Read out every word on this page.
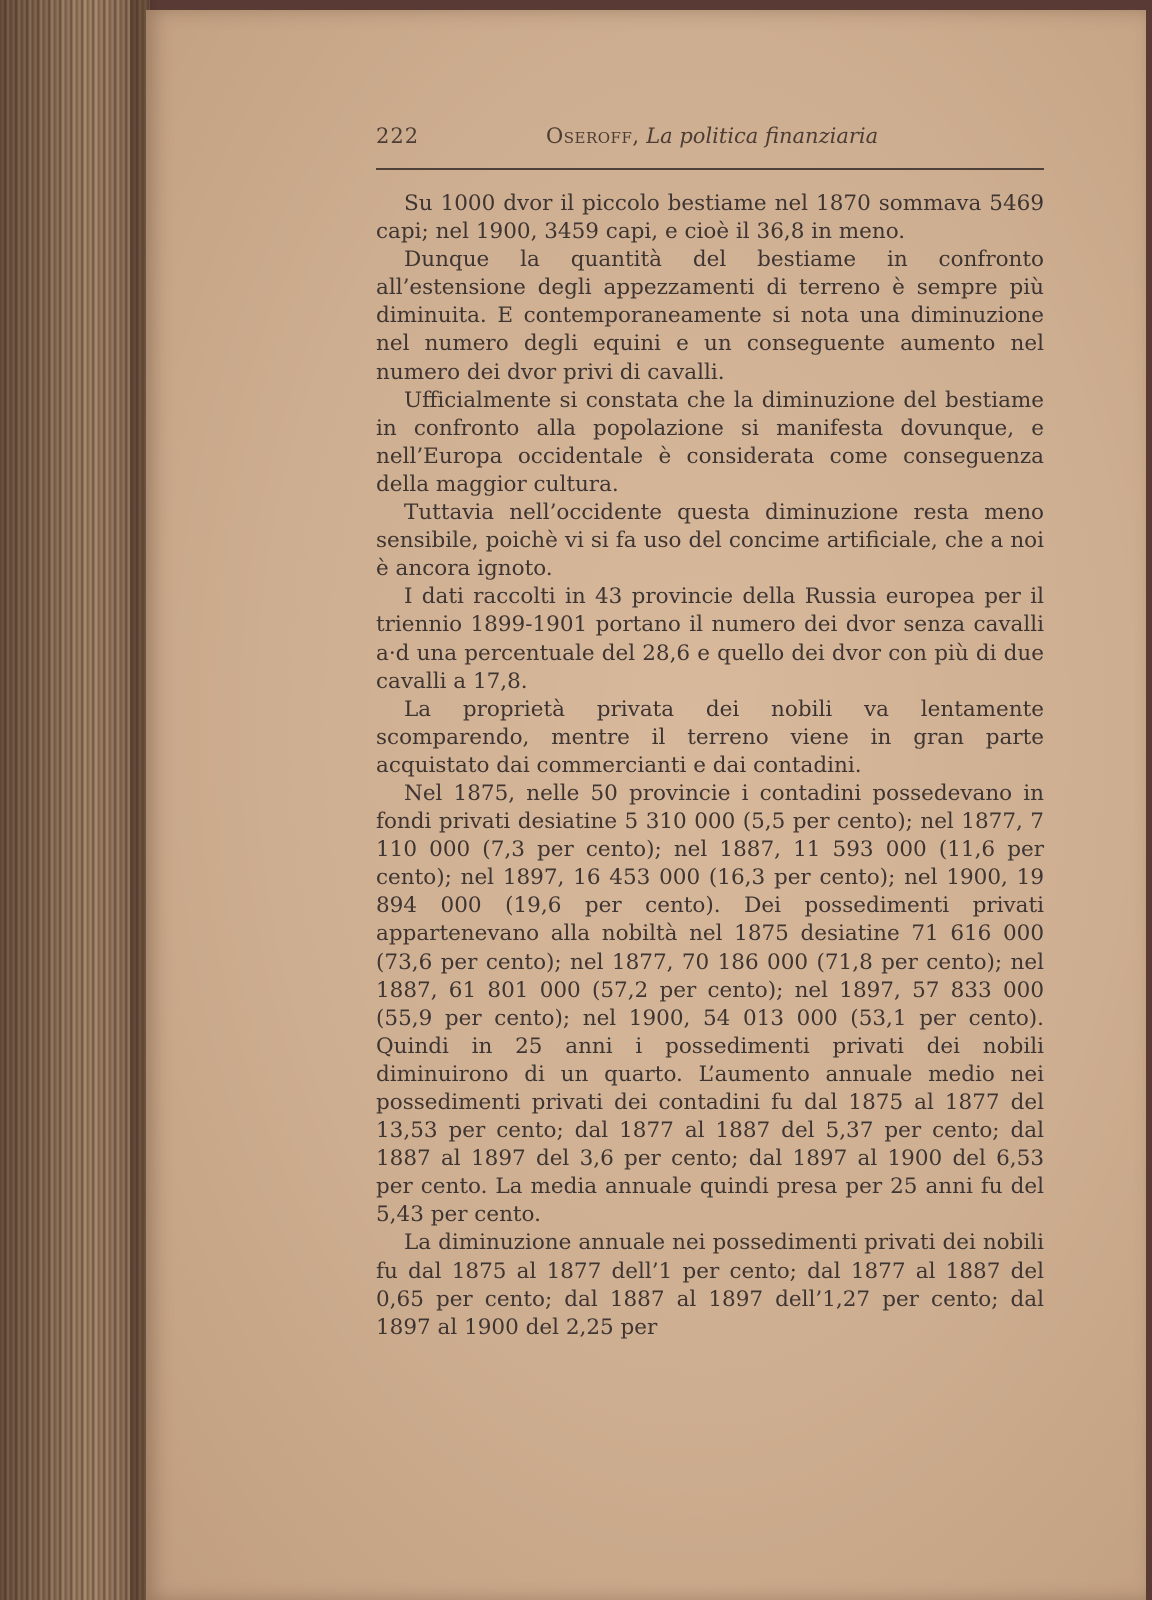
222	Oseroff, La politica finanziaria

Su 1000 dvor il piccolo bestiame nel 1870 sommava 5469 capi; nel 1900, 3459 capi, e cioè il 36,8 in meno.

Dunque la quantità del bestiame in confronto all’estensione degli appezzamenti di terreno è sempre più diminuita. E contemporaneamente si nota una diminuzione nel numero degli equini e un conseguente aumento nel numero dei dvor privi di cavalli.

Ufficialmente si constata che la diminuzione del bestiame in confronto alla popolazione si manifesta dovunque, e nell’Europa occidentale è considerata come conseguenza della maggior cultura.

Tuttavia nell’occidente questa diminuzione resta meno sensibile, poichè vi si fa uso del concime artificiale, che a noi è ancora ignoto.

I dati raccolti in 43 provincie della Russia europea per il triennio 1899-1901 portano il numero dei dvor senza cavalli a·d una percentuale del 28,6 e quello dei dvor con più di due cavalli a 17,8.

La proprietà privata dei nobili va lentamente scomparendo, mentre il terreno viene in gran parte acquistato dai commercianti e dai contadini.

Nel 1875, nelle 50 provincie i contadini possedevano in fondi privati desiatine 5 310 000 (5,5 per cento); nel 1877, 7 110 000 (7,3 per cento); nel 1887, 11 593 000 (11,6 per cento); nel 1897, 16 453 000 (16,3 per cento); nel 1900, 19 894 000 (19,6 per cento). Dei possedimenti privati appartenevano alla nobiltà nel 1875 desiatine 71 616 000 (73,6 per cento); nel 1877, 70 186 000 (71,8 per cento); nel 1887, 61 801 000 (57,2 per cento); nel 1897, 57 833 000 (55,9 per cento); nel 1900, 54 013 000 (53,1 per cento). Quindi in 25 anni i possedimenti privati dei nobili diminuirono di un quarto. L’aumento annuale medio nei possedimenti privati dei contadini fu dal 1875 al 1877 del 13,53 per cento; dal 1877 al 1887 del 5,37 per cento; dal 1887 al 1897 del 3,6 per cento; dal 1897 al 1900 del 6,53 per cento. La media annuale quindi presa per 25 anni fu del 5,43 per cento.

La diminuzione annuale nei possedimenti privati dei nobili fu dal 1875 al 1877 dell’1 per cento; dal 1877 al 1887 del 0,65 per cento; dal 1887 al 1897 dell’1,27 per cento; dal 1897 al 1900 del 2,25 per
